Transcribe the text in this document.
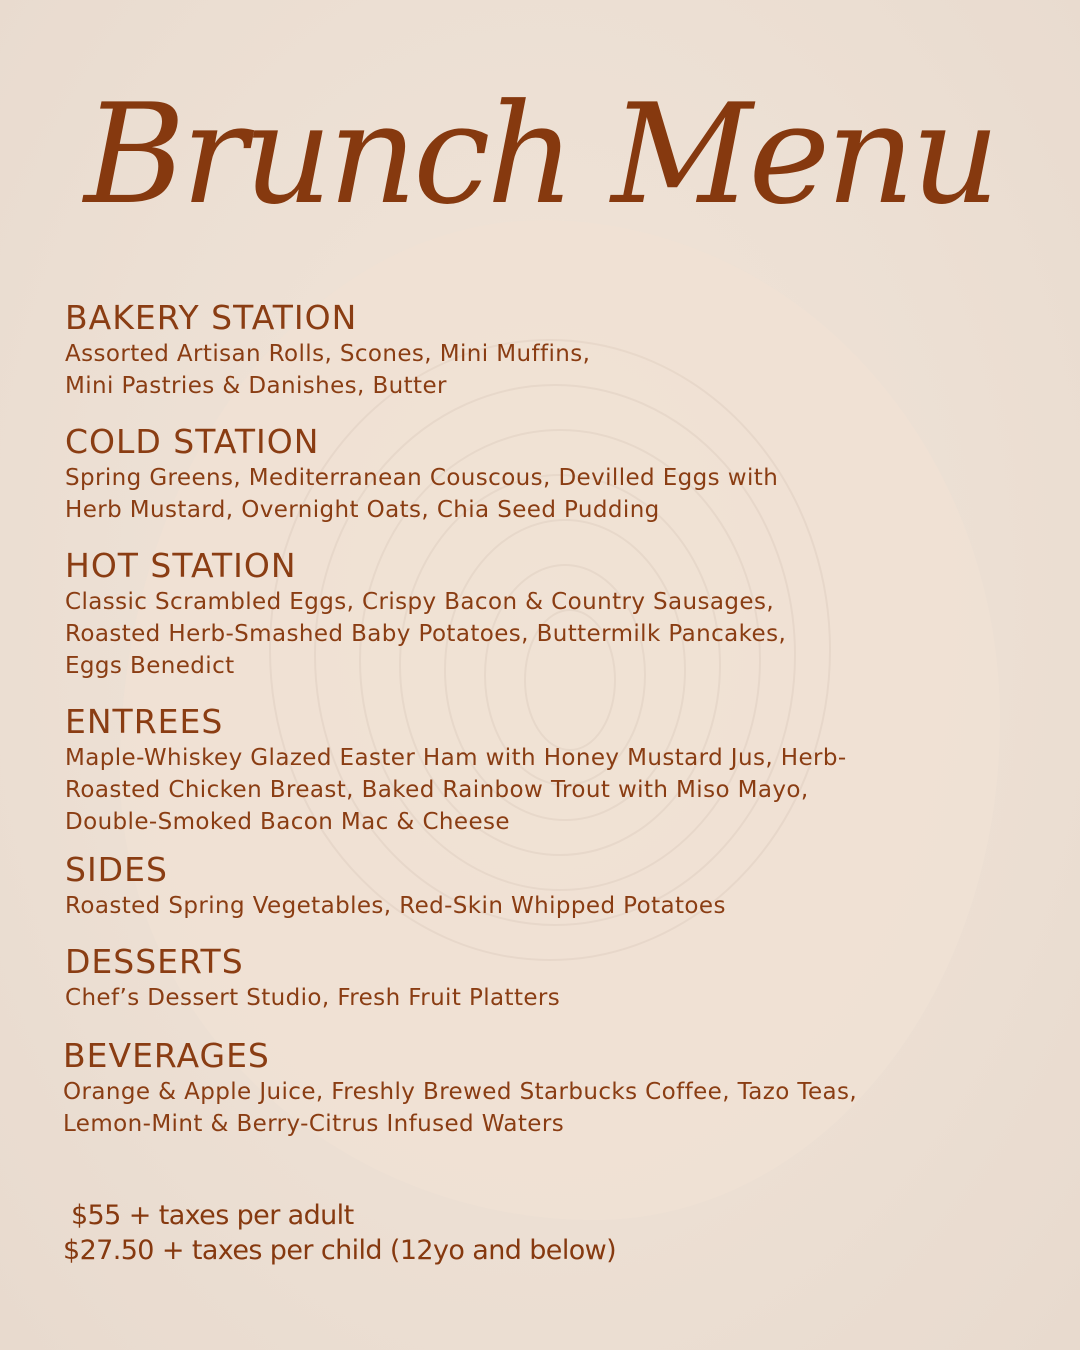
Brunch Menu
BAKERY STATION
Assorted Artisan Rolls, Scones, Mini Muffins,
Mini Pastries & Danishes, Butter
COLD STATION
Spring Greens, Mediterranean Couscous, Devilled Eggs with
Herb Mustard, Overnight Oats, Chia Seed Pudding
HOT STATION
Classic Scrambled Eggs, Crispy Bacon & Country Sausages,
Roasted Herb-Smashed Baby Potatoes, Buttermilk Pancakes,
Eggs Benedict
ENTREES
Maple-Whiskey Glazed Easter Ham with Honey Mustard Jus, Herb-
Roasted Chicken Breast, Baked Rainbow Trout with Miso Mayo,
Double-Smoked Bacon Mac & Cheese
SIDES
Roasted Spring Vegetables, Red-Skin Whipped Potatoes
DESSERTS
Chef’s Dessert Studio, Fresh Fruit Platters
BEVERAGES
Orange & Apple Juice, Freshly Brewed Starbucks Coffee, Tazo Teas,
Lemon-Mint & Berry-Citrus Infused Waters
$55 + taxes per adult
$27.50 + taxes per child (12yo and below)
